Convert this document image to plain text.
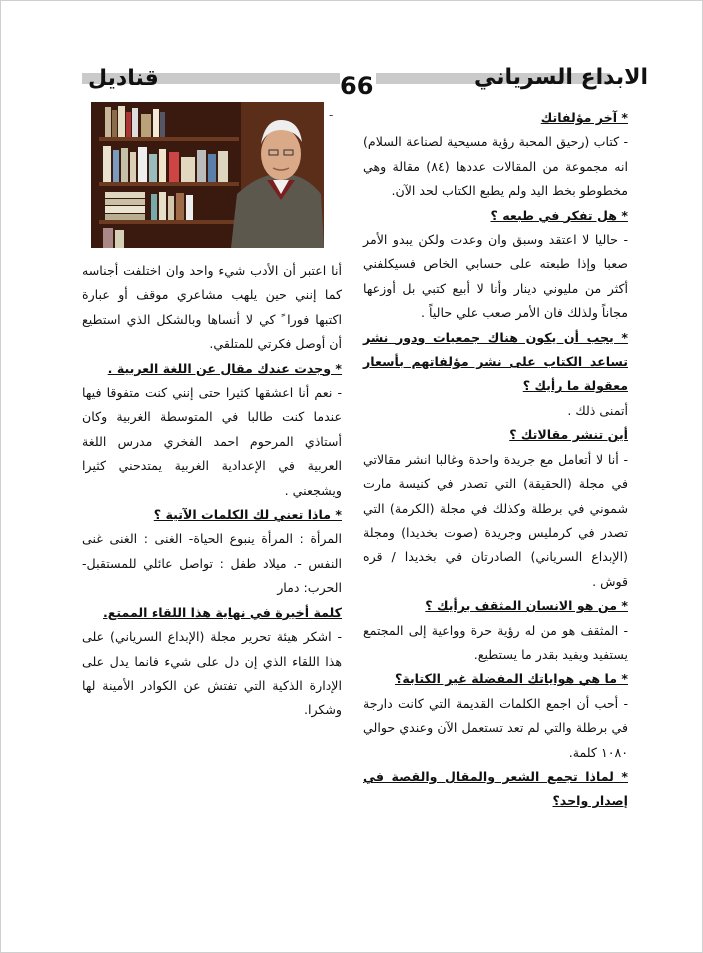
قناديل	66	الابداع السرياني
-	* آخر مؤلفاتك

- كتاب (رحيق المحبة رؤية مسيحية لصناعة السلام) انه مجموعة من المقالات عددها (٨٤) مقالة وهي مخطوطو بخط اليد ولم يطبع الكتاب لحد الآن.

* هل تفكر في طبعه ؟

- حاليا لا اعتقد وسبق وان وعدت ولكن يبدو الأمر صعبا وإذا طبعته على حسابي الخاص فسيكلفني أكثر من مليوني دينار وأنا لا أبيع كتبي بل أوزعها مجاناً ولذلك فان الأمر صعب علي حالياً .

* يجب أن يكون هناك جمعيات ودور نشر تساعد الكتاب على نشر مؤلفاتهم بأسعار معقولة ما رأيك ؟

أتمنى ذلك .

أين تنشر مقالاتك ؟

- أنا لا أتعامل مع جريدة واحدة وغالبا انشر مقالاتي في مجلة (الحقيقة) التي تصدر في كنيسة مارت شموني في برطلة وكذلك في مجلة (الكرمة) التي تصدر في كرمليس وجريدة (صوت بخديدا) ومجلة (الإبداع السرياني) الصادرتان في بخديدا / قره قوش .

* من هو الانسان المثقف برأيك ؟

- المثقف هو من له رؤية حرة وواعية إلى المجتمع يستفيد ويفيد بقدر ما يستطيع.

* ما هي هواياتك المفضلة غير الكتابة؟

- أحب أن اجمع الكلمات القديمة التي كانت دارجة في برطلة والتي لم تعد تستعمل الآن وعندي حوالي ١٠٨٠ كلمة.

* لماذا تجمع الشعر والمقال والقصة في إصدار واحد؟

أنا اعتبر أن الأدب شيء واحد وان اختلفت أجناسه كما إنني حين يلهب مشاعري موقف أو عبارة اكتبها فورا ً كي لا أنساها وبالشكل الذي استطيع أن أوصل فكرتي للمتلقي.

* وجدت عندك مقال عن اللغة العربية .

- نعم أنا اعشقها كثيرا حتى إنني كنت متفوقا فيها عندما كنت طالبا في المتوسطة الغربية وكان أستاذي المرحوم احمد الفخري مدرس اللغة العربية في الإعدادية الغربية يمتدحني كثيرا ويشجعني .

* ماذا تعني لك الكلمات الآتية ؟

المرأة : المرأة ينبوع الحياة- الغنى : الغنى غنى النفس -. ميلاد طفل : تواصل عائلي للمستقبل- الحرب: دمار

كلمة أخيرة في نهاية هذا اللقاء الممتع.

- اشكر هيئة تحرير مجلة (الإبداع السرياني) على هذا اللقاء الذي إن دل على شيء فانما يدل على الإدارة الذكية التي تفتش عن الكوادر الأمينة لها وشكرا.
